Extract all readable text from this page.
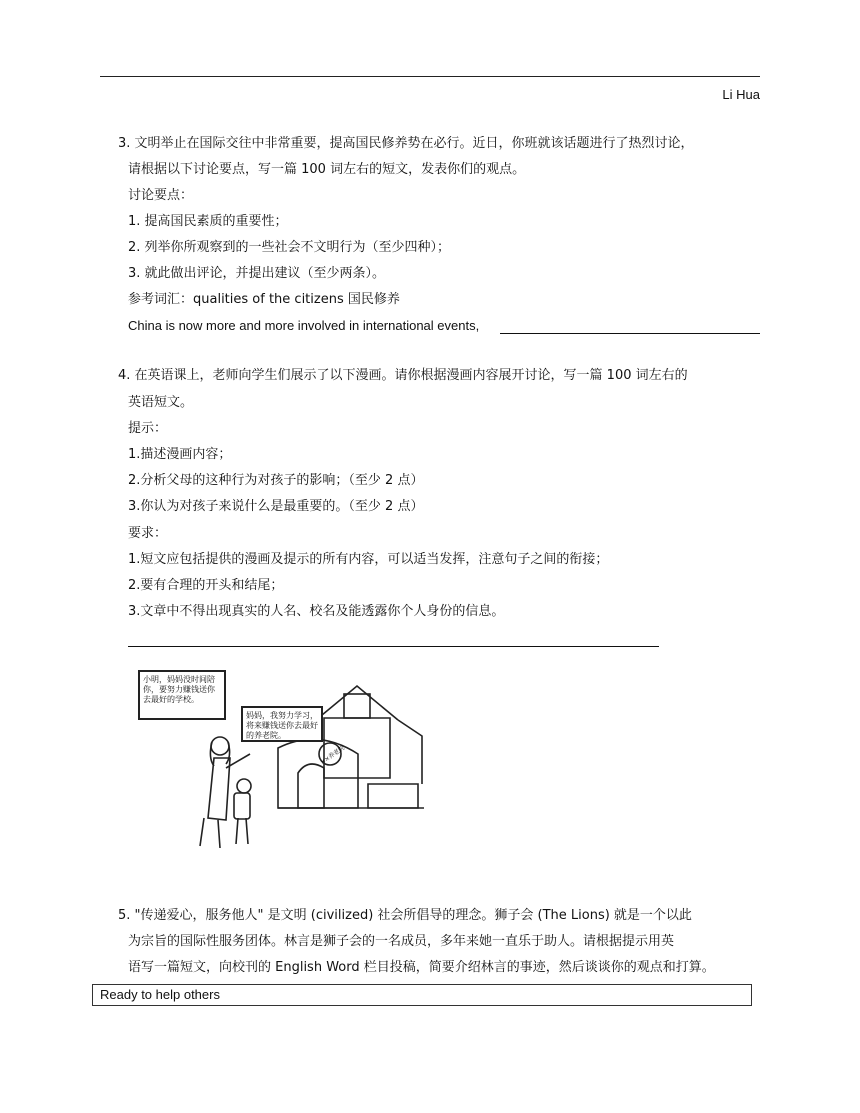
Li Hua
3. 文明举止在国际交往中非常重要，提高国民修养势在必行。近日，你班就该话题进行了热烈讨论，
请根据以下讨论要点，写一篇 100 词左右的短文，发表你们的观点。
讨论要点：
1. 提高国民素质的重要性；
2. 列举你所观察到的一些社会不文明行为（至少四种）；
3. 就此做出评论，并提出建议（至少两条）。
参考词汇：qualities of the citizens 国民修养
China is now more and more involved in international events,
4. 在英语课上，老师向学生们展示了以下漫画。请你根据漫画内容展开讨论，写一篇 100 词左右的
英语短文。
提示：
1.描述漫画内容；
2.分析父母的这种行为对孩子的影响；（至少 2 点）
3.你认为对孩子来说什么是最重要的。（至少 2 点）
要求：
1.短文应包括提供的漫画及提示的所有内容，可以适当发挥，注意句子之间的衔接；
2.要有合理的开头和结尾；
3.文章中不得出现真实的人名、校名及能透露你个人身份的信息。
小明，妈妈没时间陪你，要努力赚钱送你去最好的学校。
妈妈，我努力学习，将来赚钱送你去最好的养老院。
××养老院
5. "传递爱心，服务他人" 是文明 (civilized) 社会所倡导的理念。狮子会 (The Lions) 就是一个以此
为宗旨的国际性服务团体。林言是狮子会的一名成员，多年来她一直乐于助人。请根据提示用英
语写一篇短文，向校刊的 English Word 栏目投稿，简要介绍林言的事迹，然后谈谈你的观点和打算。
Ready to help others
